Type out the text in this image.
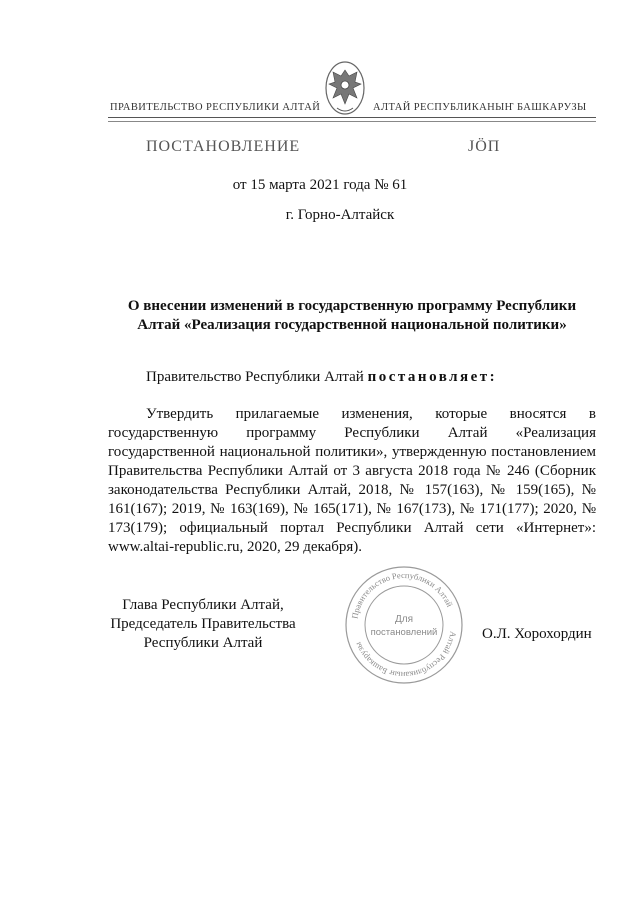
ПРАВИТЕЛЬСТВО РЕСПУБЛИКИ АЛТАЙ	АЛТАЙ РЕСПУБЛИКАНЫҤ БАШКАРУЗЫ
ПОСТАНОВЛЕНИЕ	ЈӦП
от 15 марта 2021 года № 61
г. Горно-Алтайск
О внесении изменений в государственную программу Республики Алтай «Реализация государственной национальной политики»
Правительство Республики Алтай постановляет:
Утвердить прилагаемые изменения, которые вносятся в государственную программу Республики Алтай «Реализация государственной национальной политики», утвержденную постановлением Правительства Республики Алтай от 3 августа 2018 года № 246 (Сборник законодательства Республики Алтай, 2018, № 157(163), № 159(165), № 161(167); 2019, № 163(169), № 165(171), № 167(173), № 171(177); 2020, № 173(179); официальный портал Республики Алтай сети «Интернет»: www.altai-republic.ru, 2020, 29 декабря).
Глава Республики Алтай,
Председатель Правительства
Республики Алтай
Правительство Республики Алтай
Алтай Республиканыҥ Башкарузы
Для
постановлений	О.Л. Хорохордин
